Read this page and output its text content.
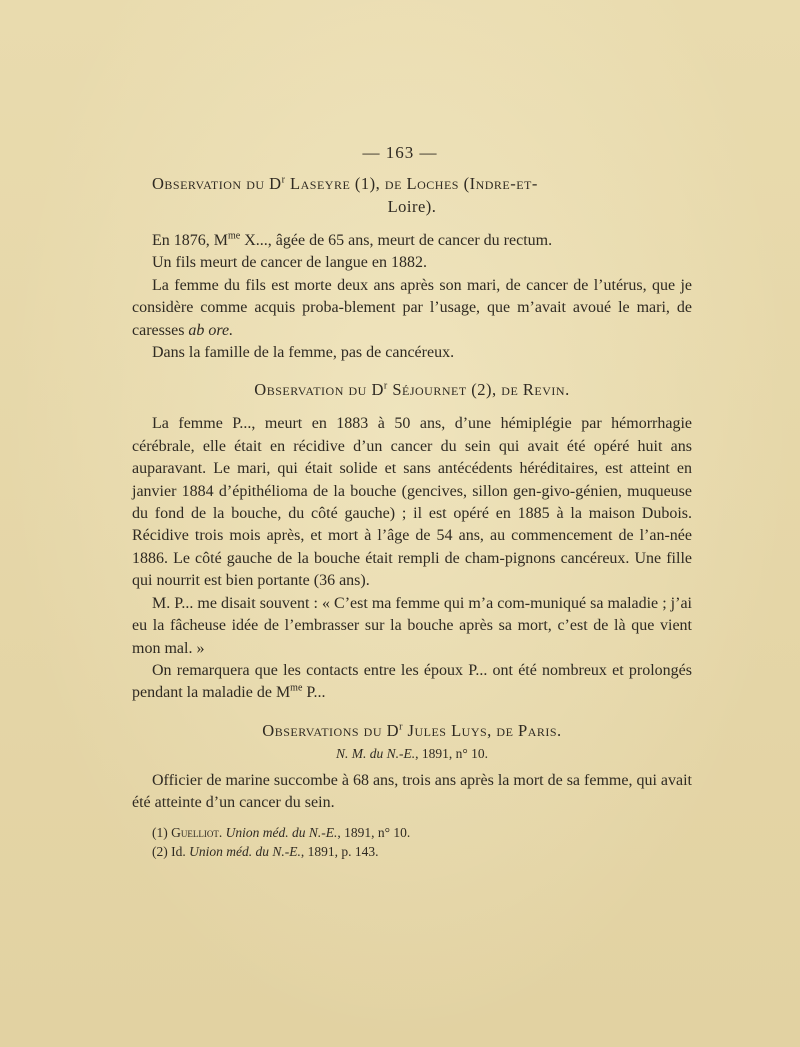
— 163 —
Observation du $D^r$ Laseyre (1), de Loches (Indre-et-
Loire).

En 1876, $M^{me}$ X..., âgée de 65 ans, meurt de cancer du rectum.

Un fils meurt de cancer de langue en 1882.

La femme du fils est morte deux ans après son mari, de cancer de l’utérus, que je considère comme acquis proba-blement par l’usage, que m’avait avoué le mari, de caresses ab ore.

Dans la famille de la femme, pas de cancéreux.

Observation du $D^r$ Séjournet (2), de Revin.

La femme P..., meurt en 1883 à 50 ans, d’une hémiplégie par hémorrhagie cérébrale, elle était en récidive d’un cancer du sein qui avait été opéré huit ans auparavant. Le mari, qui était solide et sans antécédents héréditaires, est atteint en janvier 1884 d’épithélioma de la bouche (gencives, sillon gen-givo-génien, muqueuse du fond de la bouche, du côté gauche) ; il est opéré en 1885 à la maison Dubois. Récidive trois mois après, et mort à l’âge de 54 ans, au commencement de l’an-née 1886. Le côté gauche de la bouche était rempli de cham-pignons cancéreux. Une fille qui nourrit est bien portante (36 ans).

M. P... me disait souvent : « C’est ma femme qui m’a com-muniqué sa maladie ; j’ai eu la fâcheuse idée de l’embrasser sur la bouche après sa mort, c’est de là que vient mon mal. »

On remarquera que les contacts entre les époux P... ont été nombreux et prolongés pendant la maladie de $M^{me}$ P...

Observations du $D^r$ Jules Luys, de Paris.
N. M. du N.-E., 1891, n° 10.

Officier de marine succombe à 68 ans, trois ans après la mort de sa femme, qui avait été atteinte d’un cancer du sein.

(1) Guelliot. Union méd. du N.-E., 1891, n° 10.
(2) Id. Union méd. du N.-E., 1891, p. 143.
